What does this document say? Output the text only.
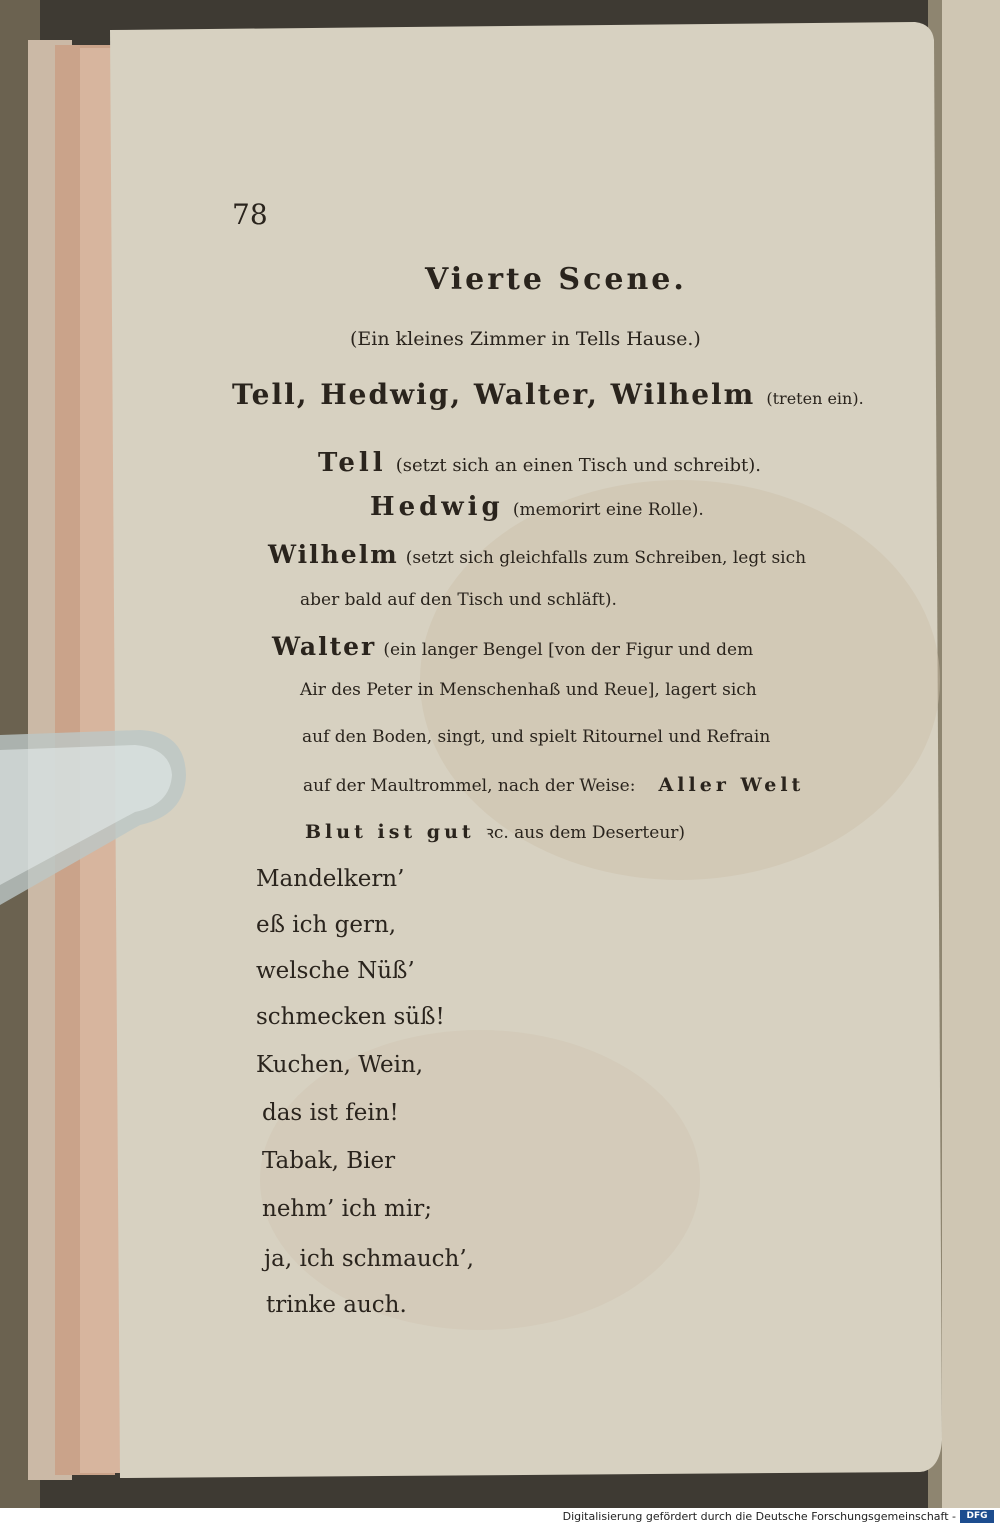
78
Vierte Scene.
(Ein kleines Zimmer in Tells Hause.)
Tell, Hedwig, Walter, Wilhelm (treten ein).
Tell (setzt sich an einen Tisch und schreibt).
Hedwig (memorirt eine Rolle).
Wilhelm (setzt sich gleichfalls zum Schreiben, legt sich
aber bald auf den Tisch und schläft).
Walter (ein langer Bengel [von der Figur und dem
Air des Peter in Menschenhaß und Reue], lagert sich
auf den Boden, singt, und spielt Ritournel und Refrain
auf der Maultrommel, nach der Weise: Aller Welt
Blut ist gut ꝛc. aus dem Deserteur)
Mandelkern’
eß ich gern,
welsche Nüß’
schmecken süß!
Kuchen, Wein,
das ist fein!
Tabak, Bier
nehm’ ich mir;
ja, ich schmauch’,
trinke auch.
Digitalisierung gefördert durch die Deutsche Forschungsgemeinschaft -	DFG
